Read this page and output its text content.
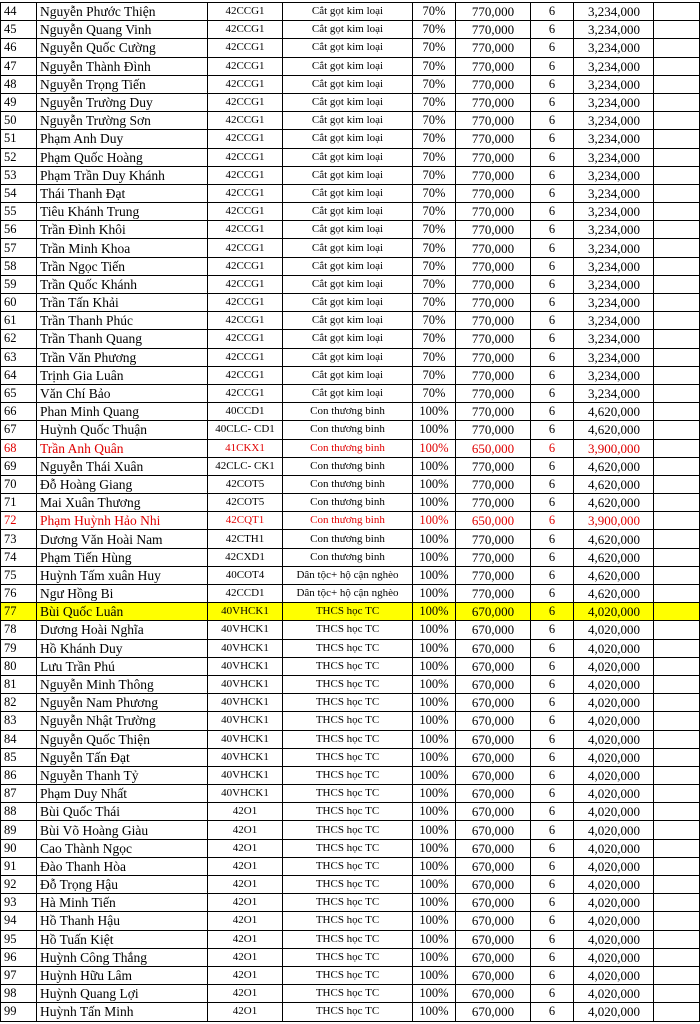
44	Nguyễn Phước Thiện	42CCG1	Cắt gọt kim loại	70%	770,000	6	3,234,000	
45	Nguyễn Quang Vinh	42CCG1	Cắt gọt kim loại	70%	770,000	6	3,234,000	
46	Nguyễn Quốc Cường	42CCG1	Cắt gọt kim loại	70%	770,000	6	3,234,000	
47	Nguyễn Thành Đình	42CCG1	Cắt gọt kim loại	70%	770,000	6	3,234,000	
48	Nguyễn Trọng Tiến	42CCG1	Cắt gọt kim loại	70%	770,000	6	3,234,000	
49	Nguyễn Trường Duy	42CCG1	Cắt gọt kim loại	70%	770,000	6	3,234,000	
50	Nguyễn Trường Sơn	42CCG1	Cắt gọt kim loại	70%	770,000	6	3,234,000	
51	Phạm Anh Duy	42CCG1	Cắt gọt kim loại	70%	770,000	6	3,234,000	
52	Phạm Quốc Hoàng	42CCG1	Cắt gọt kim loại	70%	770,000	6	3,234,000	
53	Phạm Trần Duy Khánh	42CCG1	Cắt gọt kim loại	70%	770,000	6	3,234,000	
54	Thái Thanh Đạt	42CCG1	Cắt gọt kim loại	70%	770,000	6	3,234,000	
55	Tiêu Khánh Trung	42CCG1	Cắt gọt kim loại	70%	770,000	6	3,234,000	
56	Trần Đình Khôi	42CCG1	Cắt gọt kim loại	70%	770,000	6	3,234,000	
57	Trần Minh Khoa	42CCG1	Cắt gọt kim loại	70%	770,000	6	3,234,000	
58	Trần Ngọc Tiến	42CCG1	Cắt gọt kim loại	70%	770,000	6	3,234,000	
59	Trần Quốc Khánh	42CCG1	Cắt gọt kim loại	70%	770,000	6	3,234,000	
60	Trần Tấn Khải	42CCG1	Cắt gọt kim loại	70%	770,000	6	3,234,000	
61	Trần Thanh Phúc	42CCG1	Cắt gọt kim loại	70%	770,000	6	3,234,000	
62	Trần Thanh Quang	42CCG1	Cắt gọt kim loại	70%	770,000	6	3,234,000	
63	Trần Văn Phương	42CCG1	Cắt gọt kim loại	70%	770,000	6	3,234,000	
64	Trịnh Gia Luân	42CCG1	Cắt gọt kim loại	70%	770,000	6	3,234,000	
65	Văn Chí Bảo	42CCG1	Cắt gọt kim loại	70%	770,000	6	3,234,000	
66	Phan Minh Quang	40CCD1	Con thương binh	100%	770,000	6	4,620,000	
67	Huỳnh Quốc Thuận	40CLC- CD1	Con thương binh	100%	770,000	6	4,620,000	
68	Trần Anh Quân	41CKX1	Con thương binh	100%	650,000	6	3,900,000	
69	Nguyễn Thái Xuân	42CLC- CK1	Con thương binh	100%	770,000	6	4,620,000	
70	Đỗ Hoàng Giang	42COT5	Con thương binh	100%	770,000	6	4,620,000	
71	Mai Xuân Thương	42COT5	Con thương binh	100%	770,000	6	4,620,000	
72	Phạm Huỳnh Hảo Nhi	42CQT1	Con thương binh	100%	650,000	6	3,900,000	
73	Dương Văn Hoài Nam	42CTH1	Con thương binh	100%	770,000	6	4,620,000	
74	Phạm Tiến Hùng	42CXD1	Con thương binh	100%	770,000	6	4,620,000	
75	Huỳnh Tấm xuân Huy	40COT4	Dân tộc+ hộ cận nghèo	100%	770,000	6	4,620,000	
76	Ngư Hồng Bi	42CCD1	Dân tộc+ hộ cận nghèo	100%	770,000	6	4,620,000	
77	Bùi Quốc Luân	40VHCK1	THCS học TC	100%	670,000	6	4,020,000	
78	Dương Hoài Nghĩa	40VHCK1	THCS học TC	100%	670,000	6	4,020,000	
79	Hồ Khánh Duy	40VHCK1	THCS học TC	100%	670,000	6	4,020,000	
80	Lưu Trần Phú	40VHCK1	THCS học TC	100%	670,000	6	4,020,000	
81	Nguyễn Minh Thông	40VHCK1	THCS học TC	100%	670,000	6	4,020,000	
82	Nguyễn Nam Phương	40VHCK1	THCS học TC	100%	670,000	6	4,020,000	
83	Nguyễn Nhật Trường	40VHCK1	THCS học TC	100%	670,000	6	4,020,000	
84	Nguyễn Quốc Thiện	40VHCK1	THCS học TC	100%	670,000	6	4,020,000	
85	Nguyễn Tấn Đạt	40VHCK1	THCS học TC	100%	670,000	6	4,020,000	
86	Nguyễn Thanh Tỷ	40VHCK1	THCS học TC	100%	670,000	6	4,020,000	
87	Phạm Duy Nhất	40VHCK1	THCS học TC	100%	670,000	6	4,020,000	
88	Bùi Quốc Thái	42O1	THCS học TC	100%	670,000	6	4,020,000	
89	Bùi Võ Hoàng Giàu	42O1	THCS học TC	100%	670,000	6	4,020,000	
90	Cao Thành Ngọc	42O1	THCS học TC	100%	670,000	6	4,020,000	
91	Đào Thanh Hòa	42O1	THCS học TC	100%	670,000	6	4,020,000	
92	Đỗ Trọng Hậu	42O1	THCS học TC	100%	670,000	6	4,020,000	
93	Hà Minh Tiến	42O1	THCS học TC	100%	670,000	6	4,020,000	
94	Hồ Thanh Hậu	42O1	THCS học TC	100%	670,000	6	4,020,000	
95	Hồ Tuấn Kiệt	42O1	THCS học TC	100%	670,000	6	4,020,000	
96	Huỳnh Công Thắng	42O1	THCS học TC	100%	670,000	6	4,020,000	
97	Huỳnh Hữu Lâm	42O1	THCS học TC	100%	670,000	6	4,020,000	
98	Huỳnh Quang Lợi	42O1	THCS học TC	100%	670,000	6	4,020,000	
99	Huỳnh Tấn Minh	42O1	THCS học TC	100%	670,000	6	4,020,000	
